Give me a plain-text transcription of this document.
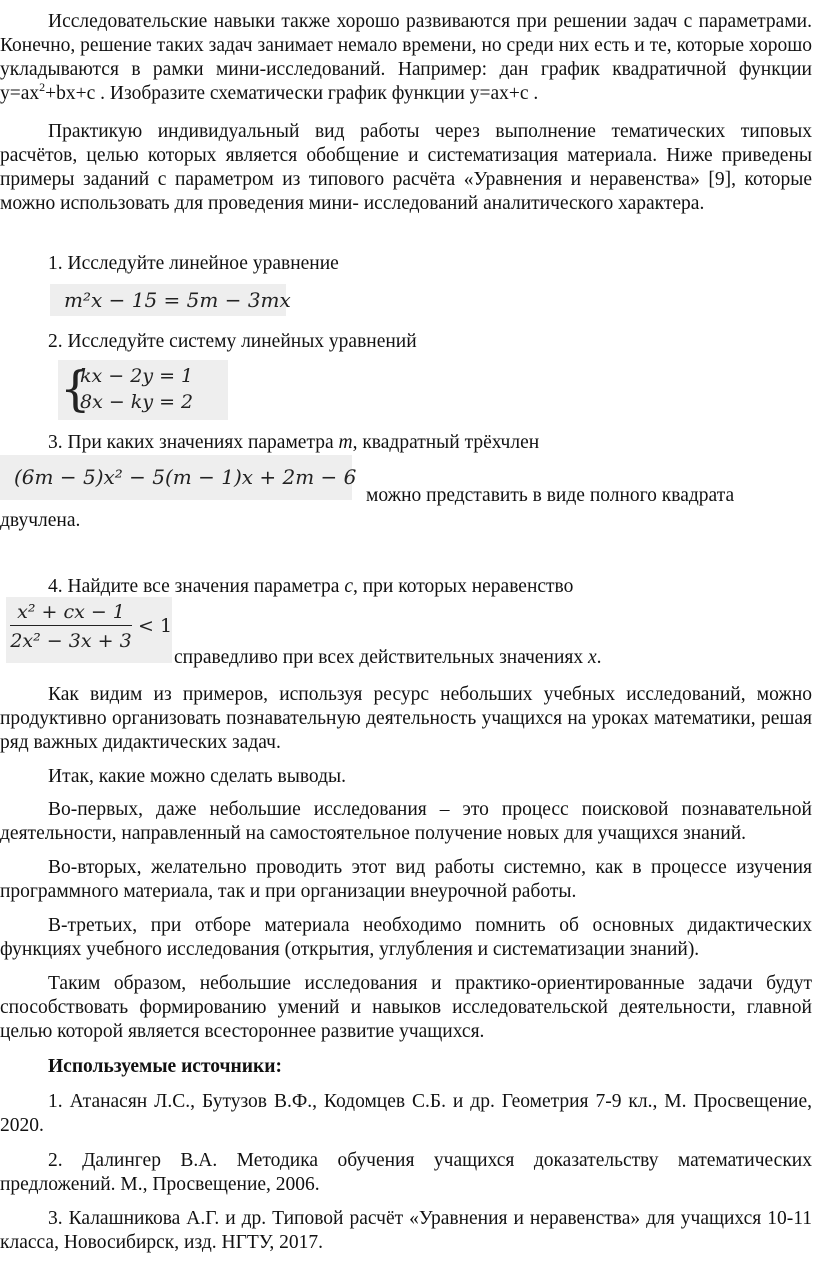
Исследовательские навыки также хорошо развиваются при решении задач с параметрами. Конечно, решение таких задач занимает немало времени, но среди них есть и те, которые хорошо укладываются в рамки мини-исследований. Например: дан график квадратичной функции $y=ax^2+bx+c$ . Изобразите схематически график функции y=ax+c .

Практикую индивидуальный вид работы через выполнение тематических типовых расчётов, целью которых является обобщение и систематизация материала. Ниже приведены примеры заданий с параметром из типового расчёта «Уравнения и неравенства» [9], которые можно использовать для проведения мини- исследований аналитического характера.

1. Исследуйте линейное уравнение

m²x − 15 = 5m − 3mx

2. Исследуйте систему линейных уравнений

{
kx − 2y = 1
8x − ky = 2

3. При каких значениях параметра m, квадратный трёхчлен

(6m − 5)x² − 5(m − 1)x + 2m − 6

можно представить в виде полного квадрата

двучлена.

4. Найдите все значения параметра c, при которых неравенство

x² + cx − 1
2x² − 3x + 3
< 1

справедливо при всех действительных значениях x.

Как видим из примеров, используя ресурс небольших учебных исследований, можно продуктивно организовать познавательную деятельность учащихся на уроках математики, решая ряд важных дидактических задач.

Итак, какие можно сделать выводы.

Во-первых, даже небольшие исследования – это процесс поисковой познавательной деятельности, направленный на самостоятельное получение новых для учащихся знаний.

Во-вторых, желательно проводить этот вид работы системно, как в процессе изучения программного материала, так и при организации внеурочной работы.

В-третьих, при отборе материала необходимо помнить об основных дидактических функциях учебного исследования (открытия, углубления и систематизации знаний).

Таким образом, небольшие исследования и практико-ориентированные задачи будут способствовать формированию умений и навыков исследовательской деятельности, главной целью которой является всестороннее развитие учащихся.

Используемые источники:

1. Атанасян Л.С., Бутузов В.Ф., Кодомцев С.Б. и др. Геометрия 7-9 кл., М. Просвещение, 2020.

2. Далингер В.А. Методика обучения учащихся доказательству математических предложений. М., Просвещение, 2006.

3. Калашникова А.Г. и др. Типовой расчёт «Уравнения и неравенства» для учащихся 10-11 класса, Новосибирск, изд. НГТУ, 2017.
